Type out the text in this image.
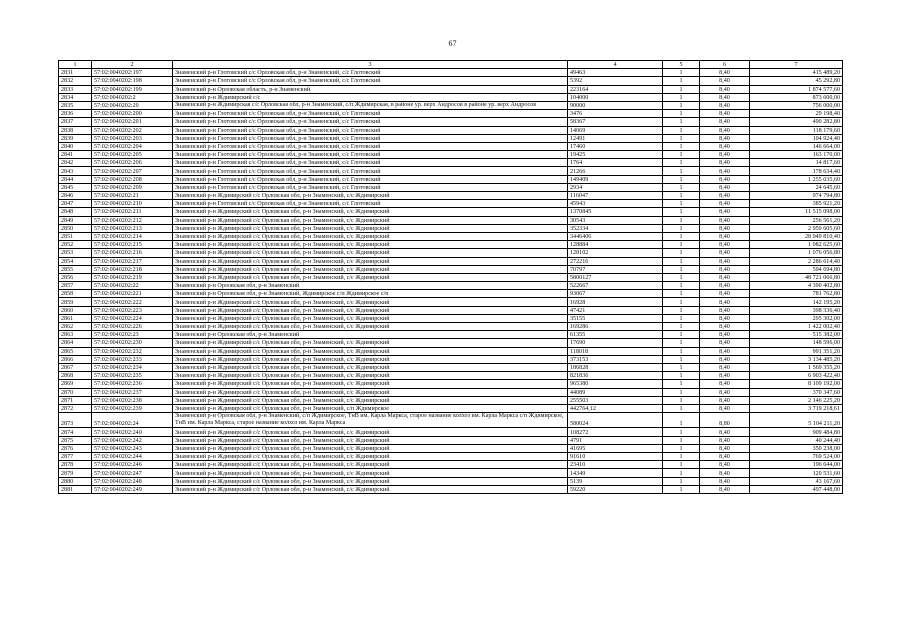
67
1	2	3	4	5	6	7
2831	57:02:0040202:197	Знаменский р-н Глотовский с/с Орловская обл, р-н Знаменский, с/с Глотовский	49463	1	8,40	415 489,20
2832	57:02:0040202:198	Знаменский р-н Глотовский с/с Орловская обл, р-н Знаменский, с/с Глотовский	5392	1	8,40	45 292,80
2833	57:02:0040202:199	Знаменский р-н Орловская область, р-н Знаменский	223164	1	8,40	1 874 577,60
2834	57:02:0040202:2	Знаменский р-н Ждимирский с/с	104000	1	8,40	873 600,00
2835	57:02:0040202:20	Знаменский р-н Ждимирская с/с Орловская обл, р-н Знаменский, с/п Ждимирская, в районе ур. верх Андросов в районе ур. верх Андросов	90000	1	8,40	756 000,00
2836	57:02:0040202:200	Знаменский р-н Глотовский с/с Орловская обл, р-н Знаменский, с/с Глотовский	3476	1	8,40	29 198,40
2837	57:02:0040202:201	Знаменский р-н Глотовский с/с Орловская обл, р-н Знаменский, с/с Глотовский	58367	1	8,40	490 282,80
2838	57:02:0040202:202	Знаменский р-н Глотовский с/с Орловская обл, р-н Знаменский, с/с Глотовский	14069	1	8,40	118 179,60
2839	57:02:0040202:203	Знаменский р-н Глотовский с/с Орловская обл, р-н Знаменский, с/с Глотовский	12491	1	8,40	104 924,40
2840	57:02:0040202:204	Знаменский р-н Глотовский с/с Орловская обл, р-н Знаменский, с/с Глотовский	17460	1	8,40	146 664,00
2841	57:02:0040202:205	Знаменский р-н Глотовский с/с Орловская обл, р-н Знаменский, с/с Глотовский	19425	1	8,40	163 170,00
2842	57:02:0040202:206	Знаменский р-н Глотовский с/с Орловская обл, р-н Знаменский, с/с Глотовский	1764	1	8,40	14 817,60
2843	57:02:0040202:207	Знаменский р-н Глотовский с/с Орловская обл, р-н Знаменский, с/с Глотовский	21266	1	8,40	178 634,40
2844	57:02:0040202:208	Знаменский р-н Глотовский с/с Орловская обл, р-н Знаменский, с/с Глотовский	149409	1	8,40	1 255 035,60
2845	57:02:0040202:209	Знаменский р-н Глотовский с/с Орловская обл, р-н Знаменский, с/с Глотовский	2934	1	8,40	24 645,60
2846	57:02:0040202:21	Знаменский р-н Ждимирский с/с Орловская обл, р-н Знаменский, с/с Ждимирский	116047	1	8,40	974 794,80
2847	57:02:0040202:210	Знаменский р-н Глотовский с/с Орловская обл, р-н Знаменский, с/с Глотовский	45943	1	8,40	385 921,20
2848	57:02:0040202:211	Знаменский р-н Ждимирский с/с Орловская обл, р-н Знаменский, с/с Ждимирский	1370845	1	8,40	11 515 098,00
2849	57:02:0040202:212	Знаменский р-н Ждимирский с/с Орловская обл, р-н Знаменский, с/с Ждимирский	30543	1	8,40	256 561,20
2850	57:02:0040202:213	Знаменский р-н Ждимирский с/с Орловская обл, р-н Знаменский, с/с Ждимирский	352334	1	8,40	2 959 605,60
2851	57:02:0040202:214	Знаменский р-н Ждимирский с/с Орловская обл, р-н Знаменский, с/с Ждимирский	3446406	1	8,40	28 949 810,40
2852	57:02:0040202:215	Знаменский р-н Ждимирский с/с Орловская обл, р-н Знаменский, с/с Ждимирский	128884	1	8,40	1 082 625,60
2853	57:02:0040202:216	Знаменский р-н Ждимирский с/с Орловская обл, р-н Знаменский, с/с Ждимирский	128102	1	8,40	1 076 056,80
2854	57:02:0040202:217	Знаменский р-н Ждимирский с/с Орловская обл, р-н Знаменский, с/с Ждимирский	272216	1	8,40	2 286 614,40
2855	57:02:0040202:218	Знаменский р-н Ждимирский с/с Орловская обл, р-н Знаменский, с/с Ждимирский	70797	1	8,40	594 694,80
2856	57:02:0040202:219	Знаменский р-н Ждимирский с/с Орловская обл, р-н Знаменский, с/с Ждимирский	5800127	1	8,40	48 721 066,80
2857	57:02:0040202:22	Знаменский р-н Орловская обл, р-н Знаменский	522667	1	8,40	4 390 402,80
2858	57:02:0040202:221	Знаменский р-н Орловская обл, р-н Знаменский, Ждимирское с/п Ждимирское с/п	93067	1	8,40	781 762,80
2859	57:02:0040202:222	Знаменский р-н Ждимирский с/с Орловская обл, р-н Знаменский, с/с Ждимирский	16928	1	8,40	142 195,20
2860	57:02:0040202:223	Знаменский р-н Ждимирский с/с Орловская обл, р-н Знаменский, с/с Ждимирский	47421	1	8,40	398 336,40
2861	57:02:0040202:224	Знаменский р-н Ждимирский с/с Орловская обл, р-н Знаменский, с/с Ждимирский	35155	1	8,40	295 302,00
2862	57:02:0040202:226	Знаменский р-н Ждимирский с/с Орловская обл, р-н Знаменский, с/с Ждимирский	169286	1	8,40	1 422 002,40
2863	57:02:0040202:23	Знаменский р-н Орловская обл, р-н Знаменский	61355	1	8,40	515 382,00
2864	57:02:0040202:230	Знаменский р-н Ждимирский с/с Орловская обл, р-н Знаменский, с/с Ждимирский	17690	1	8,40	148 596,00
2865	57:02:0040202:232	Знаменский р-н Ждимирский с/с Орловская обл, р-н Знаменский, с/с Ждимирский	118018	1	8,40	991 351,20
2866	57:02:0040202:233	Знаменский р-н Ждимирский с/с Орловская обл, р-н Знаменский, с/с Ждимирский	373153	1	8,40	3 134 485,20
2867	57:02:0040202:234	Знаменский р-н Ждимирский с/с Орловская обл, р-н Знаменский, с/с Ждимирский	186828	1	8,40	1 569 355,20
2868	57:02:0040202:235	Знаменский р-н Ждимирский с/с Орловская обл, р-н Знаменский, с/с Ждимирский	821836	1	8,40	6 903 422,40
2869	57:02:0040202:236	Знаменский р-н Ждимирский с/с Орловская обл, р-н Знаменский, с/с Ждимирский	965380	1	8,40	8 109 192,00
2870	57:02:0040202:237	Знаменский р-н Ждимирский с/с Орловская обл, р-н Знаменский, с/с Ждимирский	44089	1	8,40	370 347,60
2871	57:02:0040202:238	Знаменский р-н Ждимирский с/с Орловская обл, р-н Знаменский, с/с Ждимирский	255503	1	8,40	2 146 225,20
2872	57:02:0040202:239	Знаменский р-н Ждимирский с/с Орловская обл, р-н Знаменский, с/п Ждимирское	442764,12	1	8,40	3 719 218,61
2873	57:02:0040202:24	Знаменский р-н Орловская обл, р-н Знаменский, с/п Ждимирское, ТнВ им. Карла Маркса, старое название колхоз им. Карла Маркса с/п Ждимирское, ТнВ им. Карла Маркса, старое название колхоз им. Карла Маркса	580024	1	8,80	5 104 211,20
2874	57:02:0040202:240	Знаменский р-н Ждимирский с/с Орловская обл, р-н Знаменский, с/с Ждимирский	108272	1	8,40	909 484,80
2875	57:02:0040202:242	Знаменский р-н Ждимирский с/с Орловская обл, р-н Знаменский, с/с Ждимирский	4791	1	8,40	40 244,40
2876	57:02:0040202:243	Знаменский р-н Ждимирский с/с Орловская обл, р-н Знаменский, с/с Ждимирский	41695	1	8,40	350 238,00
2877	57:02:0040202:244	Знаменский р-н Ждимирский с/с Орловская обл, р-н Знаменский, с/с Ждимирский	91610	1	8,40	769 524,00
2878	57:02:0040202:246	Знаменский р-н Ждимирский с/с Орловская обл, р-н Знаменский, с/с Ждимирский	23410	1	8,40	196 644,00
2879	57:02:0040202:247	Знаменский р-н Ждимирский с/с Орловская обл, р-н Знаменский, с/с Ждимирский	14349	1	8,40	120 531,60
2880	57:02:0040202:248	Знаменский р-н Ждимирский с/с Орловская обл, р-н Знаменский, с/с Ждимирский	5139	1	8,40	43 167,60
2881	57:02:0040202:249	Знаменский р-н Ждимирский с/с Орловская обл, р-н Знаменский, с/с Ждимирский	59220	1	8,40	497 448,00
